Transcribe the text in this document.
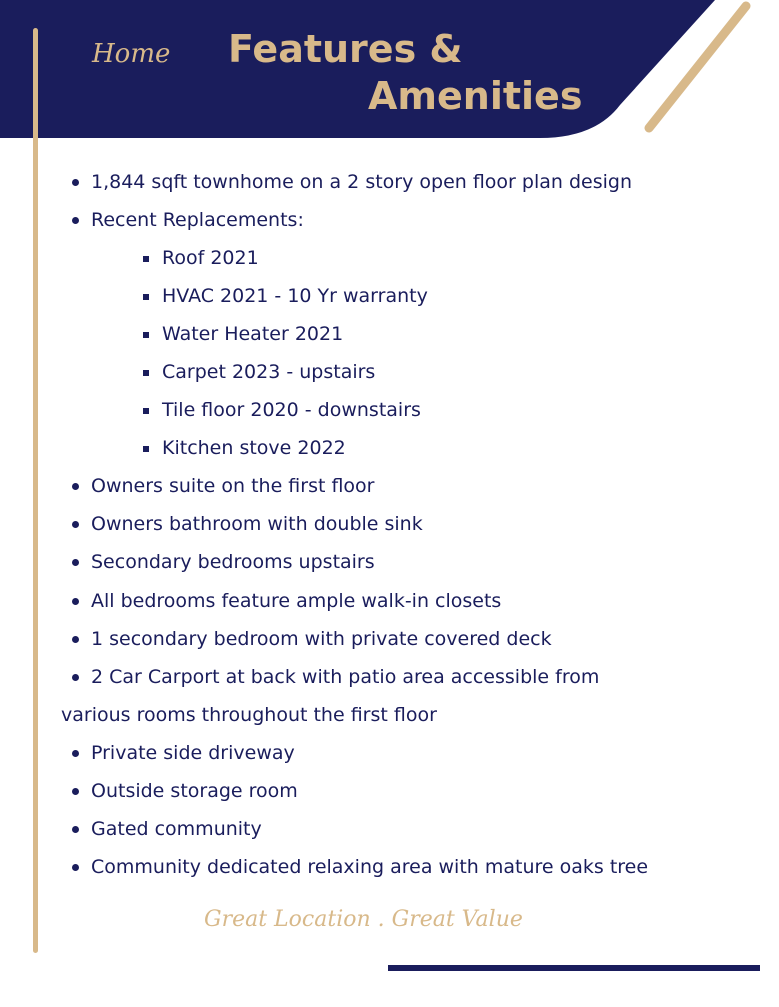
Home Features &
Amenities
1,844 sqft townhome on a 2 story open floor plan design
Recent Replacements:
Roof 2021
HVAC 2021 - 10 Yr warranty
Water Heater 2021
Carpet 2023 - upstairs
Tile floor 2020 - downstairs
Kitchen stove 2022
Owners suite on the first floor
Owners bathroom with double sink
Secondary bedrooms upstairs
All bedrooms feature ample walk-in closets
1 secondary bedroom with private covered deck
2 Car Carport at back with patio area accessible from
various rooms throughout the first floor
Private side driveway
Outside storage room
Gated community
Community dedicated relaxing area with mature oaks tree
Great Location . Great Value
